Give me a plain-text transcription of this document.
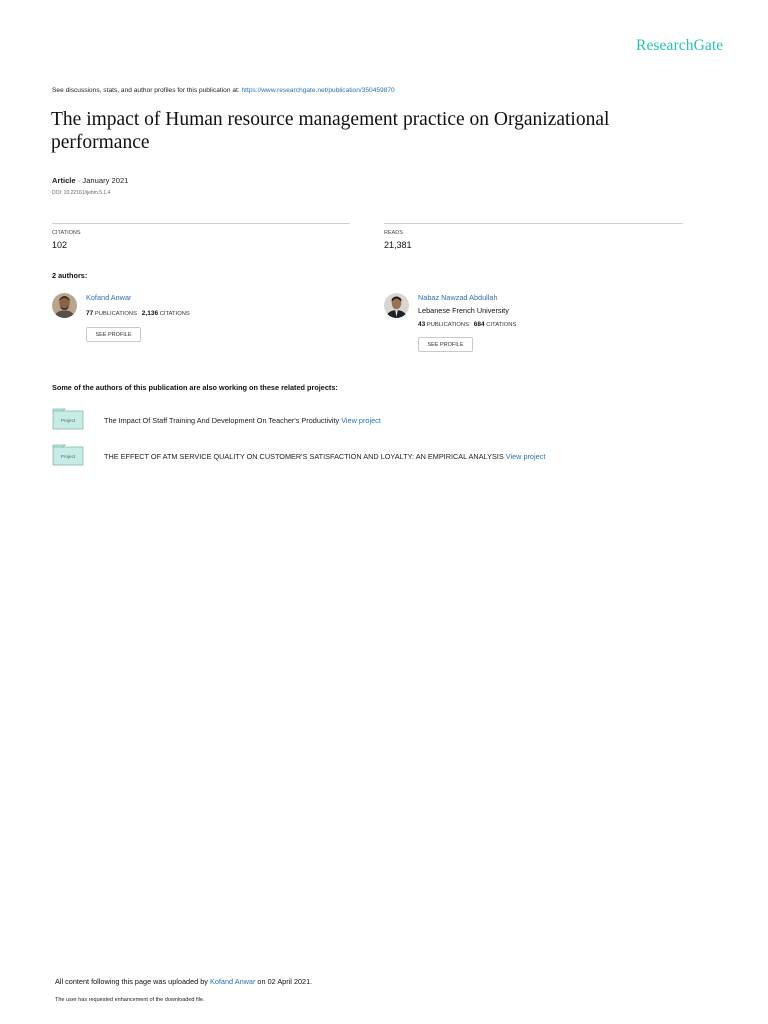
ResearchGate
See discussions, stats, and author profiles for this publication at: https://www.researchgate.net/publication/350459870
The impact of Human resource management practice on Organizational performance
Article · January 2021
DOI: 10.22161/ijebm.5.1.4
CITATIONS
102
READS
21,381
2 authors:
Kofand Anwar
77 PUBLICATIONS 2,136 CITATIONS
SEE PROFILE
Nabaz Nawzad Abdullah
Lebanese French University
43 PUBLICATIONS 684 CITATIONS
SEE PROFILE
Some of the authors of this publication are also working on these related projects:
Project	The Impact Of Staff Training And Development On Teacher's Productivity View project
Project	THE EFFECT OF ATM SERVICE QUALITY ON CUSTOMER'S SATISFACTION AND LOYALTY: AN EMPIRICAL ANALYSIS View project
All content following this page was uploaded by Kofand Anwar on 02 April 2021.
The user has requested enhancement of the downloaded file.
